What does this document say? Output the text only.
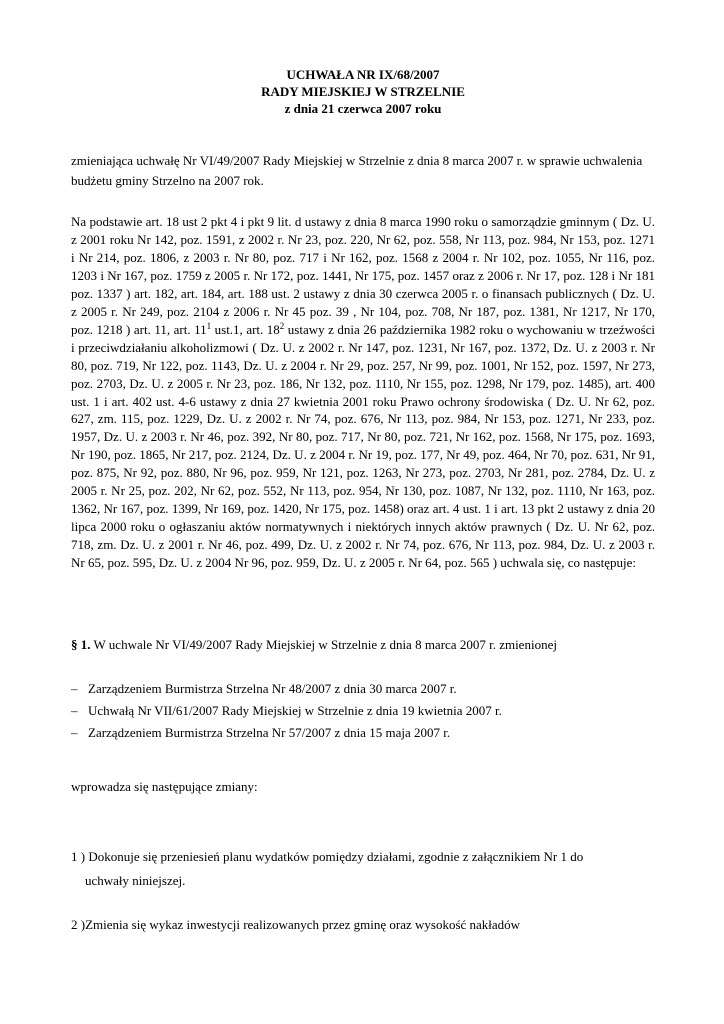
UCHWAŁA NR IX/68/2007
RADY MIEJSKIEJ W STRZELNIE
z dnia 21 czerwca 2007 roku
zmieniająca uchwałę Nr VI/49/2007 Rady Miejskiej w Strzelnie z dnia 8 marca 2007 r. w sprawie uchwalenia budżetu gminy Strzelno na 2007 rok.
Na podstawie art. 18 ust 2 pkt 4 i pkt 9 lit. d ustawy z dnia 8 marca 1990 roku o samorządzie gminnym ( Dz. U. z 2001 roku Nr 142, poz. 1591, z 2002 r. Nr 23, poz. 220, Nr 62, poz. 558, Nr 113, poz. 984, Nr 153, poz. 1271 i Nr 214, poz. 1806, z 2003 r. Nr 80, poz. 717 i Nr 162, poz. 1568 z 2004 r. Nr 102, poz. 1055, Nr 116, poz. 1203 i Nr 167, poz. 1759 z 2005 r. Nr 172, poz. 1441, Nr 175, poz. 1457 oraz z 2006 r. Nr 17, poz. 128 i Nr 181 poz. 1337 ) art. 182, art. 184, art. 188 ust. 2 ustawy z dnia 30 czerwca 2005 r. o finansach publicznych ( Dz. U. z 2005 r. Nr 249, poz. 2104 z 2006 r. Nr 45 poz. 39 , Nr 104, poz. 708, Nr 187, poz. 1381, Nr 1217, Nr 170, poz. 1218 ) art. 11, art. $11^1$ ust.1, art. $18^2$ ustawy z dnia 26 października 1982 roku o wychowaniu w trzeźwości i przeciwdziałaniu alkoholizmowi ( Dz. U. z 2002 r. Nr 147, poz. 1231, Nr 167, poz. 1372, Dz. U. z 2003 r. Nr 80, poz. 719, Nr 122, poz. 1143, Dz. U. z 2004 r. Nr 29, poz. 257, Nr 99, poz. 1001, Nr 152, poz. 1597, Nr 273, poz. 2703, Dz. U. z 2005 r. Nr 23, poz. 186, Nr 132, poz. 1110, Nr 155, poz. 1298, Nr 179, poz. 1485), art. 400 ust. 1 i art. 402 ust. 4-6 ustawy z dnia 27 kwietnia 2001 roku Prawo ochrony środowiska ( Dz. U. Nr 62, poz. 627, zm. 115, poz. 1229, Dz. U. z 2002 r. Nr 74, poz. 676, Nr 113, poz. 984, Nr 153, poz. 1271, Nr 233, poz. 1957, Dz. U. z 2003 r. Nr 46, poz. 392, Nr 80, poz. 717, Nr 80, poz. 721, Nr 162, poz. 1568, Nr 175, poz. 1693, Nr 190, poz. 1865, Nr 217, poz. 2124, Dz. U. z 2004 r. Nr 19, poz. 177, Nr 49, poz. 464, Nr 70, poz. 631, Nr 91, poz. 875, Nr 92, poz. 880, Nr 96, poz. 959, Nr 121, poz. 1263, Nr 273, poz. 2703, Nr 281, poz. 2784, Dz. U. z 2005 r. Nr 25, poz. 202, Nr 62, poz. 552, Nr 113, poz. 954, Nr 130, poz. 1087, Nr 132, poz. 1110, Nr 163, poz. 1362, Nr 167, poz. 1399, Nr 169, poz. 1420, Nr 175, poz. 1458) oraz art. 4 ust. 1 i art. 13 pkt 2 ustawy z dnia 20 lipca 2000 roku o ogłaszaniu aktów normatywnych i niektórych innych aktów prawnych ( Dz. U. Nr 62, poz. 718, zm. Dz. U. z 2001 r. Nr 46, poz. 499, Dz. U. z 2002 r. Nr 74, poz. 676, Nr 113, poz. 984, Dz. U. z 2003 r. Nr 65, poz. 595, Dz. U. z 2004 Nr 96, poz. 959, Dz. U. z 2005 r. Nr 64, poz. 565 ) uchwala się, co następuje:
§ 1. W uchwale Nr VI/49/2007 Rady Miejskiej w Strzelnie z dnia 8 marca 2007 r. zmienionej
– Zarządzeniem Burmistrza Strzelna Nr 48/2007 z dnia 30 marca 2007 r.
– Uchwałą Nr VII/61/2007 Rady Miejskiej w Strzelnie z dnia 19 kwietnia 2007 r.
– Zarządzeniem Burmistrza Strzelna Nr 57/2007 z dnia 15 maja 2007 r.
wprowadza się następujące zmiany:
1 ) Dokonuje się przeniesień planu wydatków pomiędzy działami, zgodnie z załącznikiem Nr 1 do
uchwały niniejszej.
2 )Zmienia się wykaz inwestycji realizowanych przez gminę oraz wysokość nakładów
